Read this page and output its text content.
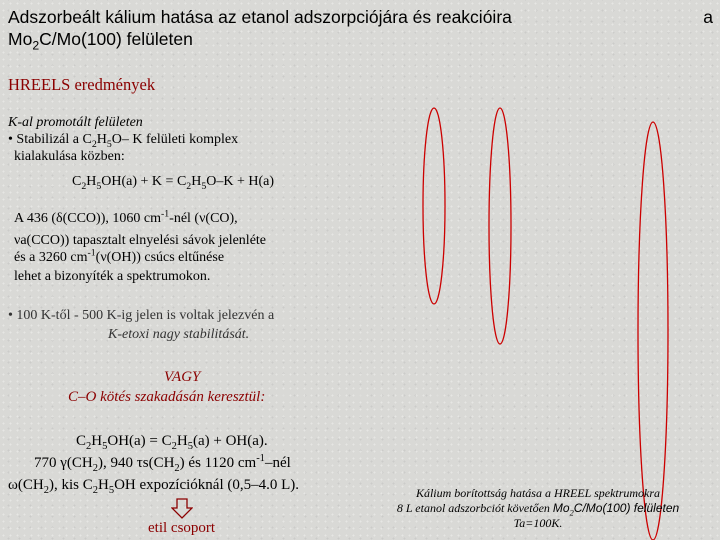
Adszorbeált kálium hatása az etanol adszorpciójára és reakcióira	a
$Mo_2C/Mo(100)$ felületen
HREELS eredmények
K-al promotált felületen
• Stabilizál a $C_2H_5O-$ K felületi komplex
kialakulása közben:
$C_2H_5OH(a) + K = C_2H_5O-K + H(a)$
A 436 (δ(CCO)), 1060 $cm^{-1}$-nél (ν(CO),
νa(CCO)) tapasztalt elnyelési sávok jelenléte
és a 3260 $cm^{-1}(\nu(OH))$ csúcs eltűnése
lehet a bizonyíték a spektrumokon.
• 100 K-től - 500 K-ig jelen is voltak jelezvén a
K-etoxi nagy stabilitását.
VAGY
C–O kötés szakadásán keresztül:
$C_2H_5OH(a) = C_2H_5(a) + OH(a)$.
770 $\gamma(CH_2)$, 940 $\tau s(CH_2)$ és 1120 $cm^{-1}$–nél
$\omega(CH_2)$, kis $C_2H_5OH$ expozícióknál (0,5–4.0 L).
etil csoport
Kálium borítottság hatása a HREEL spektrumokra
8 L etanol adszorbciót követően $Mo_2C/Mo(100)$ felületen
Ta=100K.
